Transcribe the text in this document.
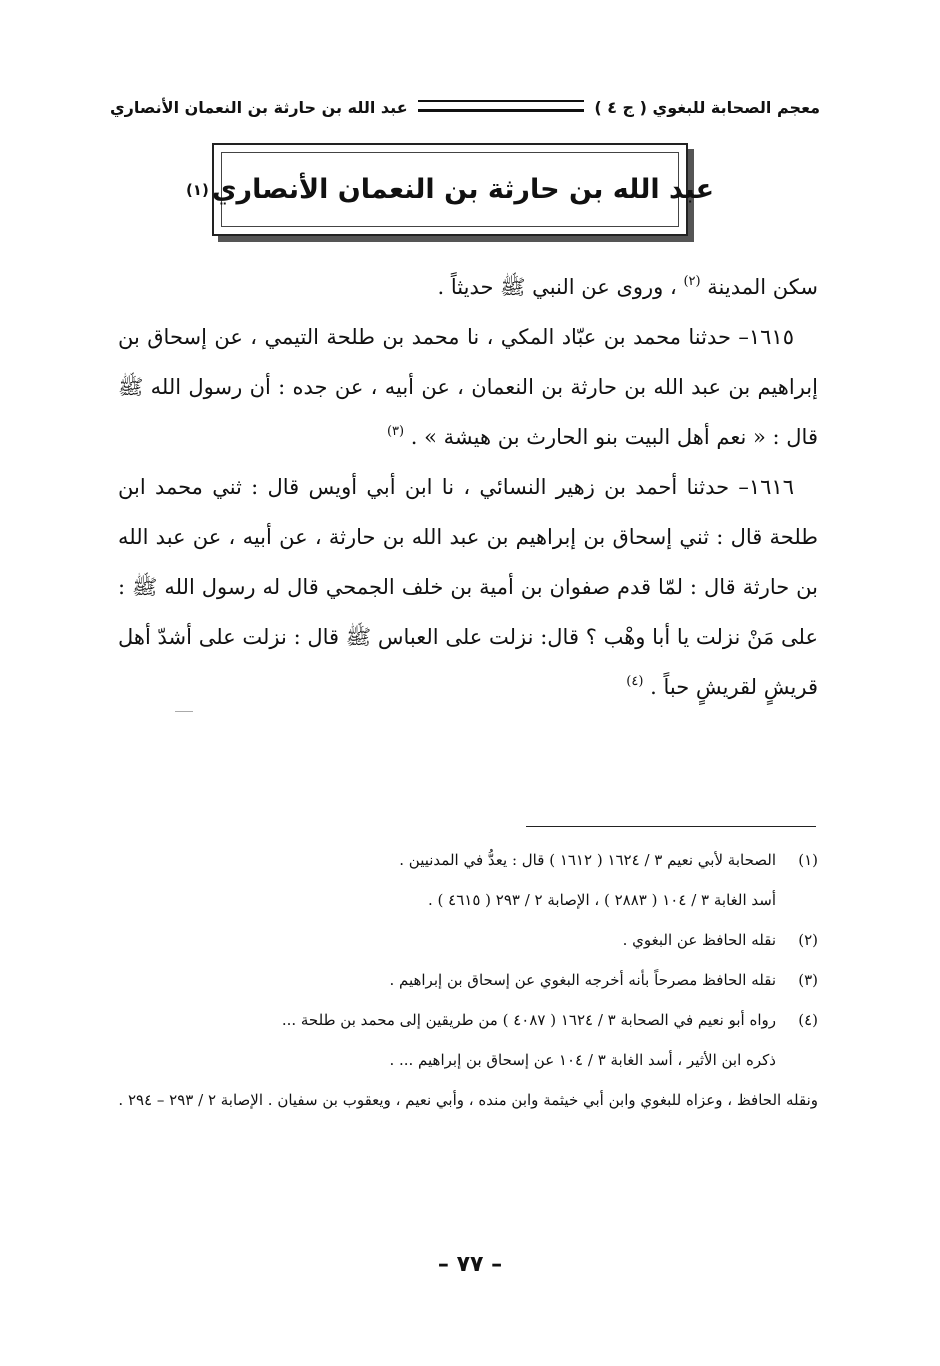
معجم الصحابة للبغوي ( ج ٤ )
عبد الله بن حارثة بن النعمان الأنصاري
عبد الله بن حارثة بن النعمان الأنصاري
(١)

سكن المدينة $^{(٢)}$ ، وروى عن النبي ﷺ حديثاً .

١٦١٥– حدثنا محمد بن عبّاد المكي ، نا محمد بن طلحة التيمي ، عن إسحاق بن إبراهيم بن عبد الله بن حارثة بن النعمان ، عن أبيه ، عن جده : أن رسول الله ﷺ قال : « نعم أهل البيت بنو الحارث بن هيشة » . $^{(٣)}$

١٦١٦– حدثنا أحمد بن زهير النسائي ، نا ابن أبي أويس قال : ثني محمد ابن طلحة قال : ثني إسحاق بن إبراهيم بن عبد الله بن حارثة ، عن أبيه ، عن عبد الله بن حارثة قال : لمّا قدم صفوان بن أمية بن خلف الجمحي قال له رسول الله ﷺ : على مَنْ نزلت يا أبا وهْب ؟ قال: نزلت على العباس ﷺ قال : نزلت على أشدّ أهل قريشٍ لقريشٍ حباً . $^{(٤)}$

(١)الصحابة لأبي نعيم ٣ / ١٦٢٤ ( ١٦١٢ ) قال : يعدُّ في المدنيين .

أسد الغابة ٣ / ١٠٤ ( ٢٨٨٣ ) ، الإصابة ٢ / ٢٩٣ ( ٤٦١٥ ) .

(٢)نقله الحافظ عن البغوي .

(٣)نقله الحافظ مصرحاً بأنه أخرجه البغوي عن إسحاق بن إبراهيم .

(٤)رواه أبو نعيم في الصحابة ٣ / ١٦٢٤ ( ٤٠٨٧ ) من طريقين إلى محمد بن طلحة ...

ذكره ابن الأثير ، أسد الغابة ٣ / ١٠٤ عن إسحاق بن إبراهيم ... .

ونقله الحافظ ، وعزاه للبغوي وابن أبي خيثمة وابن منده ، وأبي نعيم ، ويعقوب بن سفيان . الإصابة ٢ / ٢٩٣ – ٢٩٤ .

– ٧٧ –
